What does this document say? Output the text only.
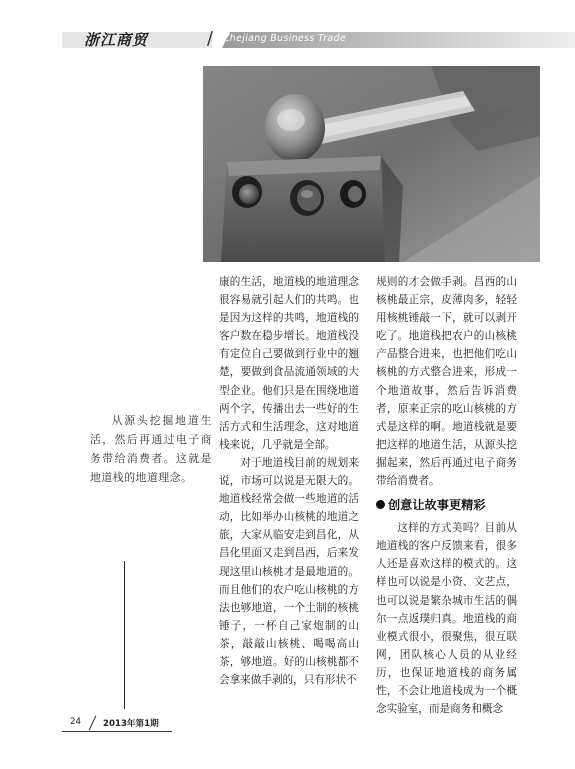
浙江商贸	/ Zhejiang Business Trade

康的生活，地道栈的地道理念很容易就引起人们的共鸣。也是因为这样的共鸣，地道栈的客户数在稳步增长。地道栈没有定位自己要做到行业中的翘楚，要做到食品流通领域的大型企业。他们只是在围绕地道两个字，传播出去一些好的生活方式和生活理念，这对地道栈来说，几乎就是全部。

对于地道栈目前的规划来说，市场可以说是无限大的。地道栈经常会做一些地道的活动，比如举办山核桃的地道之旅，大家从临安走到昌化，从昌化里面又走到昌西，后来发现这里山核桃才是最地道的。而且他们的农户吃山核桃的方法也够地道，一个土制的核桃锤子，一杯自己家炮制的山茶，敲敲山核桃、喝喝高山茶，够地道。好的山核桃都不会拿来做手剥的，只有形状不

规则的才会做手剥。昌西的山核桃最正宗，皮薄肉多，轻轻用核桃锤敲一下，就可以剥开吃了。地道栈把农户的山核桃产品整合进来，也把他们吃山核桃的方式整合进来，形成一个地道故事，然后告诉消费者，原来正宗的吃山核桃的方式是这样的啊。地道栈就是要把这样的地道生活，从源头挖掘起来，然后再通过电子商务带给消费者。

创意让故事更精彩

这样的方式美吗？目前从地道栈的客户反馈来看，很多人还是喜欢这样的模式的。这样也可以说是小资、文艺点，也可以说是繁杂城市生活的偶尔一点返璞归真。地道栈的商业模式很小，很聚焦，很互联网，团队核心人员的从业经历，也保证地道栈的商务属性，不会让地道栈成为一个概念实验室，而是商务和概念

从源头挖掘地道生活，然后再通过电子商务带给消费者。这就是地道栈的地道理念。

24	2013年第1期
